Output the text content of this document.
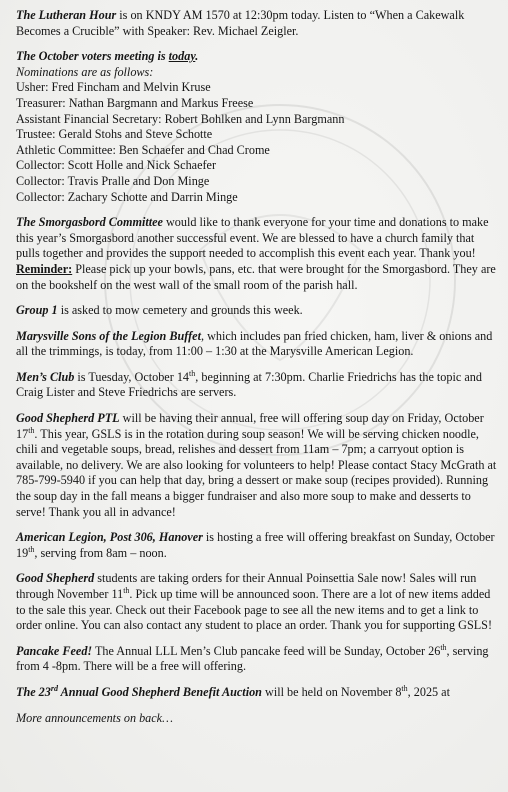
The Lutheran Hour is on KNDY AM 1570 at 12:30pm today. Listen to “When a Cakewalk Becomes a Crucible” with Speaker: Rev. Michael Zeigler.

The October voters meeting is today.
Nominations are as follows:
Usher: Fred Fincham and Melvin Kruse
Treasurer: Nathan Bargmann and Markus Freese
Assistant Financial Secretary: Robert Bohlken and Lynn Bargmann
Trustee: Gerald Stohs and Steve Schotte
Athletic Committee: Ben Schaefer and Chad Crome
Collector: Scott Holle and Nick Schaefer
Collector: Travis Pralle and Don Minge
Collector: Zachary Schotte and Darrin Minge

The Smorgasbord Committee would like to thank everyone for your time and donations to make this year’s Smorgasbord another successful event. We are blessed to have a church family that pulls together and provides the support needed to accomplish this event each year. Thank you! Reminder: Please pick up your bowls, pans, etc. that were brought for the Smorgasbord. They are on the bookshelf on the west wall of the small room of the parish hall.

Group 1 is asked to mow cemetery and grounds this week.

Marysville Sons of the Legion Buffet, which includes pan fried chicken, ham, liver & onions and all the trimmings, is today, from 11:00 – 1:30 at the Marysville American Legion.

Men’s Club is Tuesday, October 14th, beginning at 7:30pm. Charlie Friedrichs has the topic and Craig Lister and Steve Friedrichs are servers.

Good Shepherd PTL will be having their annual, free will offering soup day on Friday, October 17th. This year, GSLS is in the rotation during soup season! We will be serving chicken noodle, chili and vegetable soups, bread, relishes and dessert from 11am – 7pm; a carryout option is available, no delivery. We are also looking for volunteers to help! Please contact Stacy McGrath at 785-799-5940 if you can help that day, bring a dessert or make soup (recipes provided). Running the soup day in the fall means a bigger fundraiser and also more soup to make and desserts to serve! Thank you all in advance!

American Legion, Post 306, Hanover is hosting a free will offering breakfast on Sunday, October 19th, serving from 8am – noon.

Good Shepherd students are taking orders for their Annual Poinsettia Sale now! Sales will run through November 11th. Pick up time will be announced soon. There are a lot of new items added to the sale this year. Check out their Facebook page to see all the new items and to get a link to order online. You can also contact any student to place an order. Thank you for supporting GSLS!

Pancake Feed! The Annual LLL Men’s Club pancake feed will be Sunday, October 26th, serving from 4 -8pm. There will be a free will offering.

The 23rd Annual Good Shepherd Benefit Auction will be held on November 8th, 2025 at

More announcements on back…
